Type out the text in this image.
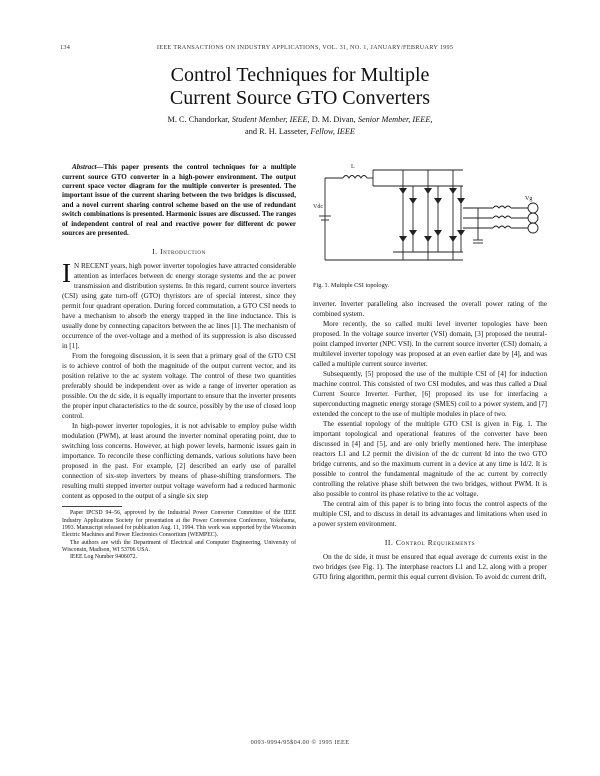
134	IEEE TRANSACTIONS ON INDUSTRY APPLICATIONS, VOL. 31, NO. 1, JANUARY/FEBRUARY 1995
Control Techniques for Multiple
Current Source GTO Converters
M. C. Chandorkar, Student Member, IEEE, D. M. Divan, Senior Member, IEEE,
and R. H. Lasseter, Fellow, IEEE

Abstract—This paper presents the control techniques for a multiple current source GTO converter in a high-power environment. The output current space vector diagram for the multiple converter is presented. The important issue of the current sharing between the two bridges is discussed, and a novel current sharing control scheme based on the use of redundant switch combinations is presented. Harmonic issues are discussed. The ranges of independent control of real and reactive power for different dc power sources are presented.

I. Introduction

I N RECENT years, high power inverter topologies have attracted considerable attention as interfaces between dc energy storage systems and the ac power transmission and distribution systems. In this regard, current source inverters (CSI) using gate turn-off (GTO) thyristors are of special interest, since they permit four quadrant operation. During forced commutation, a GTO CSI needs to have a mechanism to absorb the energy trapped in the line inductance. This is usually done by connecting capacitors between the ac lines [1]. The mechanism of occurrence of the over-voltage and a method of its suppression is also discussed in [1].

From the foregoing discussion, it is seen that a primary goal of the GTO CSI is to achieve control of both the magnitude of the output current vector, and its position relative to the ac system voltage. The control of these two quantities preferably should be independent over as wide a range of inverter operation as possible. On the dc side, it is equally important to ensure that the inverter presents the proper input characteristics to the dc source, possibly by the use of closed loop control.

In high-power inverter topologies, it is not advisable to employ pulse width modulation (PWM), at least around the inverter nominal operating point, due to switching loss concerns. However, at high power levels, harmonic issues gain in importance. To reconcile these conflicting demands, various solutions have been proposed in the past. For example, [2] described an early use of parallel connection of six-step inverters by means of phase-shifting transformers. The resulting multi stepped inverter output voltage waveform had a reduced harmonic content as opposed to the output of a single six step

Paper IPCSD 94–56, approved by the Industrial Power Converter Committee of the IEEE Industry Applications Society for presentation at the Power Conversion Conference, Yokohama, 1993. Manuscript released for publication Aug. 11, 1994. This work was supported by the Wisconsin Electric Machines and Power Electronics Consortium (WEMPEC).

The authors are with the Department of Electrical and Computer Engineering, University of Wisconsin, Madison, WI 53706 USA.

IEEE Log Number 9406072.

Vdc
L
Vg
Fig. 1. Multiple CSI topology.

inverter. Inverter paralleling also increased the overall power rating of the combined system.

More recently, the so called multi level inverter topologies have been proposed. In the voltage source inverter (VSI) domain, [3] proposed the neutral-point clamped inverter (NPC VSI). In the current source inverter (CSI) domain, a multilevel inverter topology was proposed at an even earlier date by [4], and was called a multiple current source inverter.

Subsequently, [5] proposed the use of the multiple CSI of [4] for induction machine control. This consisted of two CSI modules, and was thus called a Dual Current Source Inverter. Further, [6] proposed its use for interfacing a superconducting magnetic energy storage (SMES) coil to a power system, and [7] extended the concept to the use of multiple modules in place of two.

The essential topology of the multiple GTO CSI is given in Fig. 1. The important topological and operational features of the converter have been discussed in [4] and [5], and are only briefly mentioned here. The interphase reactors L1 and L2 permit the division of the dc current Id into the two GTO bridge currents, and so the maximum current in a device at any time is Id/2. It is possible to control the fundamental magnitude of the ac current by correctly controlling the relative phase shift between the two bridges, without PWM. It is also possible to control its phase relative to the ac voltage.

The central aim of this paper is to bring into focus the control aspects of the multiple CSI, and to discuss in detail its advantages and limitations when used in a power system environment.

II. Control Requirements

On the dc side, it must be ensured that equal average dc currents exist in the two bridges (see Fig. 1). The interphase reactors L1 and L2, along with a proper GTO firing algorithm, permit this equal current division. To avoid dc current drift,

0093-9994/95$04.00 © 1995 IEEE
